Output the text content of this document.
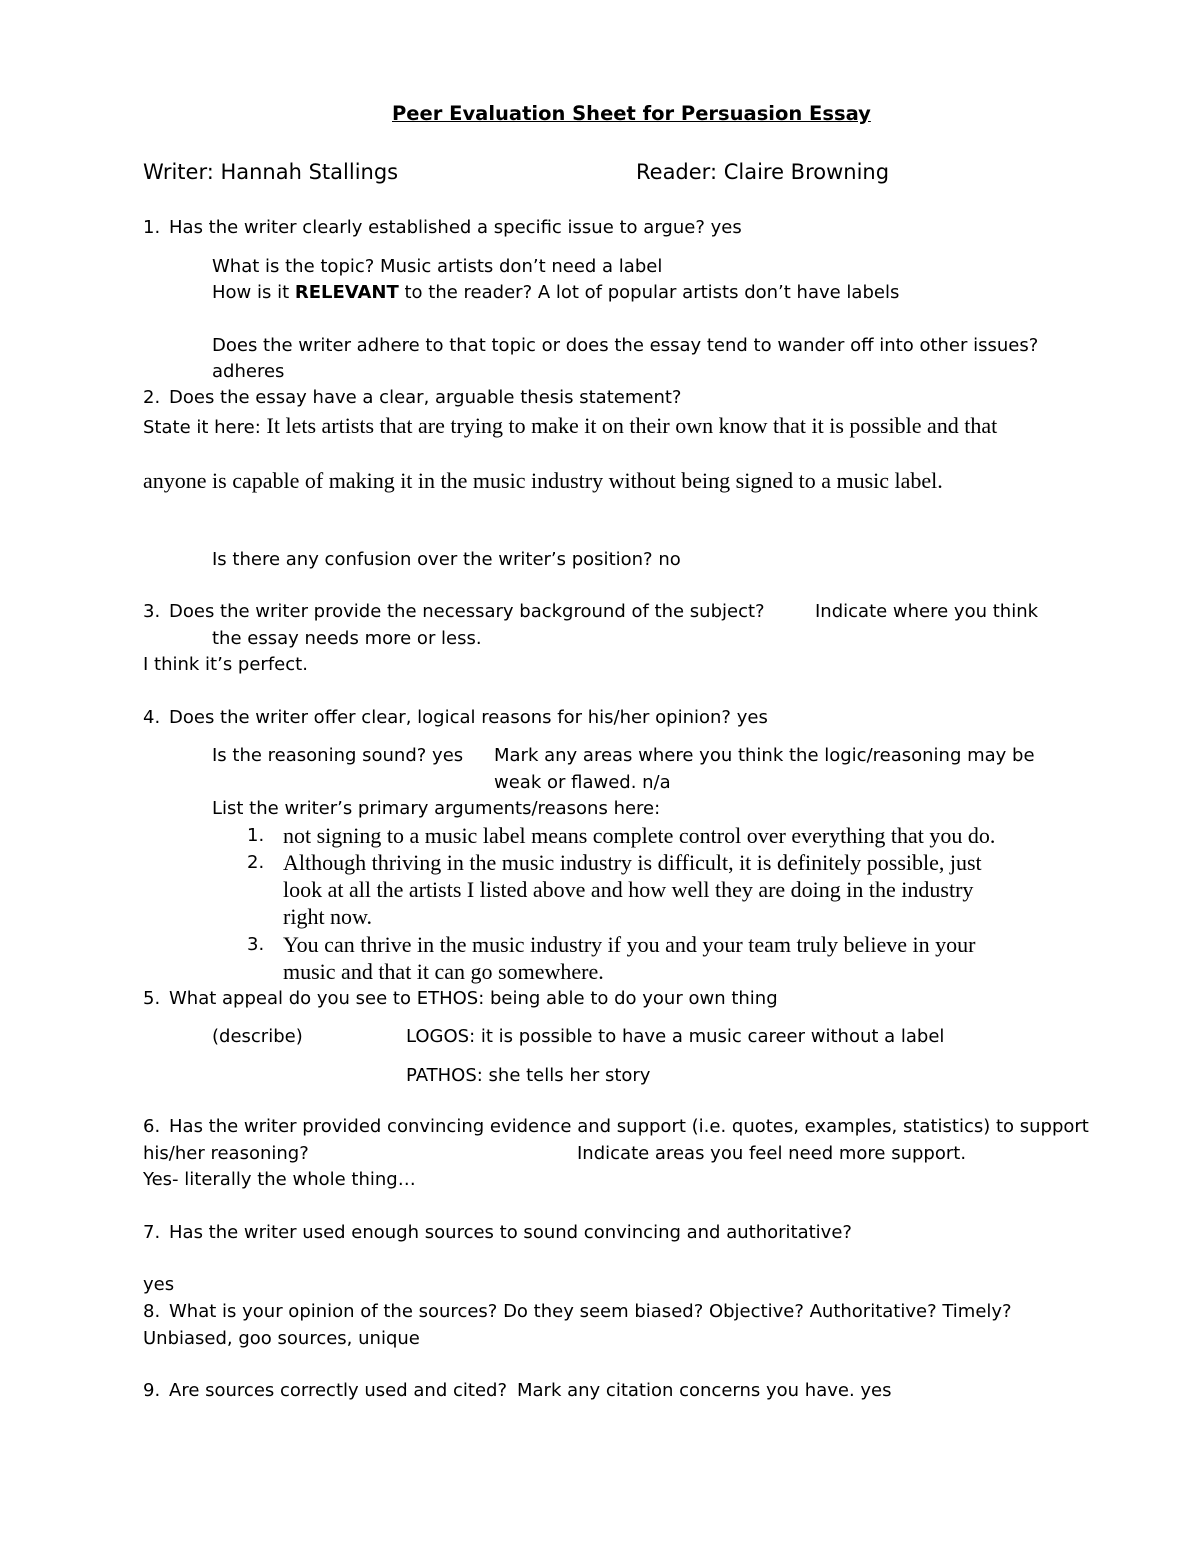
Peer Evaluation Sheet for Persuasion Essay
Writer: Hannah Stallings	Reader: Claire Browning
1. Has the writer clearly established a specific issue to argue? yes
What is the topic? Music artists don’t need a label
How is it RELEVANT to the reader? A lot of popular artists don’t have labels
Does the writer adhere to that topic or does the essay tend to wander off into other issues?
adheres
2. Does the essay have a clear, arguable thesis statement?
State it here: It lets artists that are trying to make it on their own know that it is possible and that
anyone is capable of making it in the music industry without being signed to a music label.
Is there any confusion over the writer’s position? no
3. Does the writer provide the necessary background of the subject?	Indicate where you think
the essay needs more or less.
I think it’s perfect.
4. Does the writer offer clear, logical reasons for his/her opinion? yes
Is the reasoning sound? yes Mark any areas where you think the logic/reasoning may be
weak or flawed. n/a
List the writer’s primary arguments/reasons here:
1. not signing to a music label means complete control over everything that you do.
2. Although thriving in the music industry is difficult, it is definitely possible, just
look at all the artists I listed above and how well they are doing in the industry
right now.
3. You can thrive in the music industry if you and your team truly believe in your
music and that it can go somewhere.
5. What appeal do you see to ETHOS: being able to do your own thing
(describe)	LOGOS: it is possible to have a music career without a label
PATHOS: she tells her story
6. Has the writer provided convincing evidence and support (i.e. quotes, examples, statistics) to support
his/her reasoning?	Indicate areas you feel need more support.
Yes- literally the whole thing…
7. Has the writer used enough sources to sound convincing and authoritative?
yes
8. What is your opinion of the sources? Do they seem biased? Objective? Authoritative? Timely?
Unbiased, goo sources, unique
9. Are sources correctly used and cited? Mark any citation concerns you have. yes
